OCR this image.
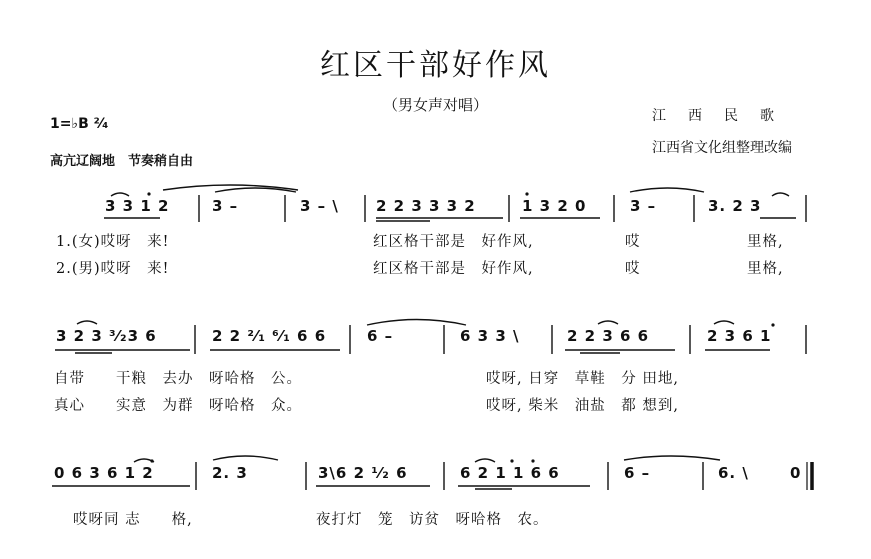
红区干部好作风
（男女声对唱）
江　西　民　歌
江西省文化组整理改编
1=♭B ²⁄₄
高亢辽阔地　节奏稍自由
3 3 1 2	3 –	3 – \ 2 2 3 3 3 2	1 3 2 0	3 –	3. 2 3
1.(女)哎呀　来!	红区格干部是　好作风,	哎	里格,
2.(男)哎呀　来!	红区格干部是　好作风,	哎	里格,
3 2 3 ³⁄₂3 6	2 2 ²⁄₁ ⁶⁄₁ 6 6	6 –	6 3 3 \	2 2 3 6 6	2 3 6 1
自带　　干粮　去办　呀哈格　公。	哎呀, 日穿　草鞋　分 田地,
真心　　实意　为群　呀哈格　众。	哎呀, 柴米　油盐　都 想到,
0 6 3 6 1 2	2. 3	3\6 2 ¹⁄₂ 6	6 2 1 1 6 6	6 –	6. \	0
哎呀同 志　　格,	夜打灯　笼　访贫　呀哈格　农。
